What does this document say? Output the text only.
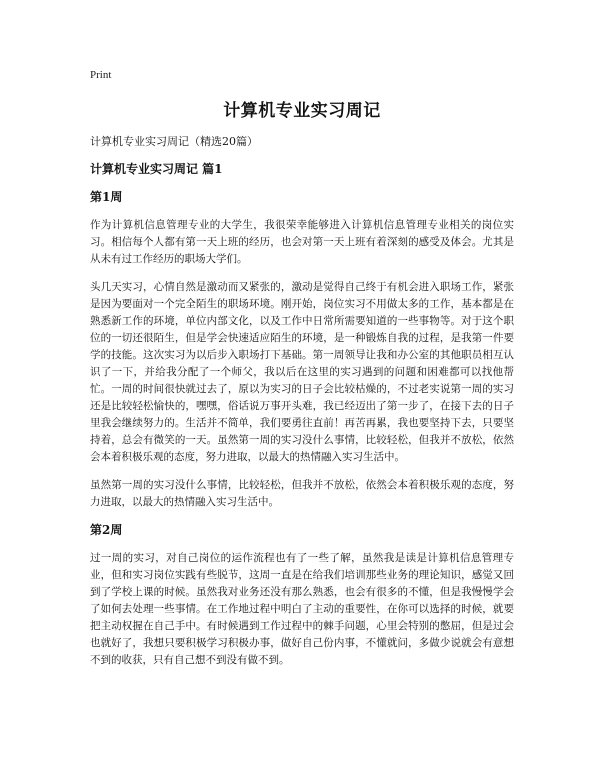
Print
计算机专业实习周记
计算机专业实习周记（精选20篇）
计算机专业实习周记 篇1
第1周

作为计算机信息管理专业的大学生，我很荣幸能够进入计算机信息管理专业相关的岗位实习。相信每个人都有第一天上班的经历，也会对第一天上班有着深刻的感受及体会。尤其是从未有过工作经历的职场大学们。

头几天实习，心情自然是激动而又紧张的，激动是觉得自己终于有机会进入职场工作，紧张是因为要面对一个完全陌生的职场环境。刚开始，岗位实习不用做太多的工作，基本都是在熟悉新工作的环境，单位内部文化，以及工作中日常所需要知道的一些事物等。对于这个职位的一切还很陌生，但是学会快速适应陌生的环境，是一种锻炼自我的过程，是我第一件要学的技能。这次实习为以后步入职场打下基础。第一周领导让我和办公室的其他职员相互认识了一下，并给我分配了一个师父，我以后在这里的实习遇到的问题和困难都可以找他帮忙。一周的时间很快就过去了，原以为实习的日子会比较枯燥的，不过老实说第一周的实习还是比较轻松愉快的，嘿嘿，俗话说万事开头难，我已经迈出了第一步了，在接下去的日子里我会继续努力的。生活并不简单，我们要勇往直前！再苦再累，我也要坚持下去，只要坚持着，总会有微笑的一天。虽然第一周的实习没什么事情，比较轻松，但我并不放松，依然会本着积极乐观的态度，努力进取，以最大的热情融入实习生活中。

虽然第一周的实习没什么事情，比较轻松，但我并不放松，依然会本着积极乐观的态度，努力进取，以最大的热情融入实习生活中。

第2周

过一周的实习，对自己岗位的运作流程也有了一些了解，虽然我是读是计算机信息管理专业，但和实习岗位实践有些脱节，这周一直是在给我们培训那些业务的理论知识，感觉又回到了学校上课的时候。虽然我对业务还没有那么熟悉，也会有很多的不懂，但是我慢慢学会了如何去处理一些事情。在工作地过程中明白了主动的重要性，在你可以选择的时候，就要把主动权握在自己手中。有时候遇到工作过程中的棘手问题，心里会特别的憋屈，但是过会也就好了，我想只要积极学习积极办事，做好自己份内事，不懂就问，多做少说就会有意想不到的收获，只有自己想不到没有做不到。
